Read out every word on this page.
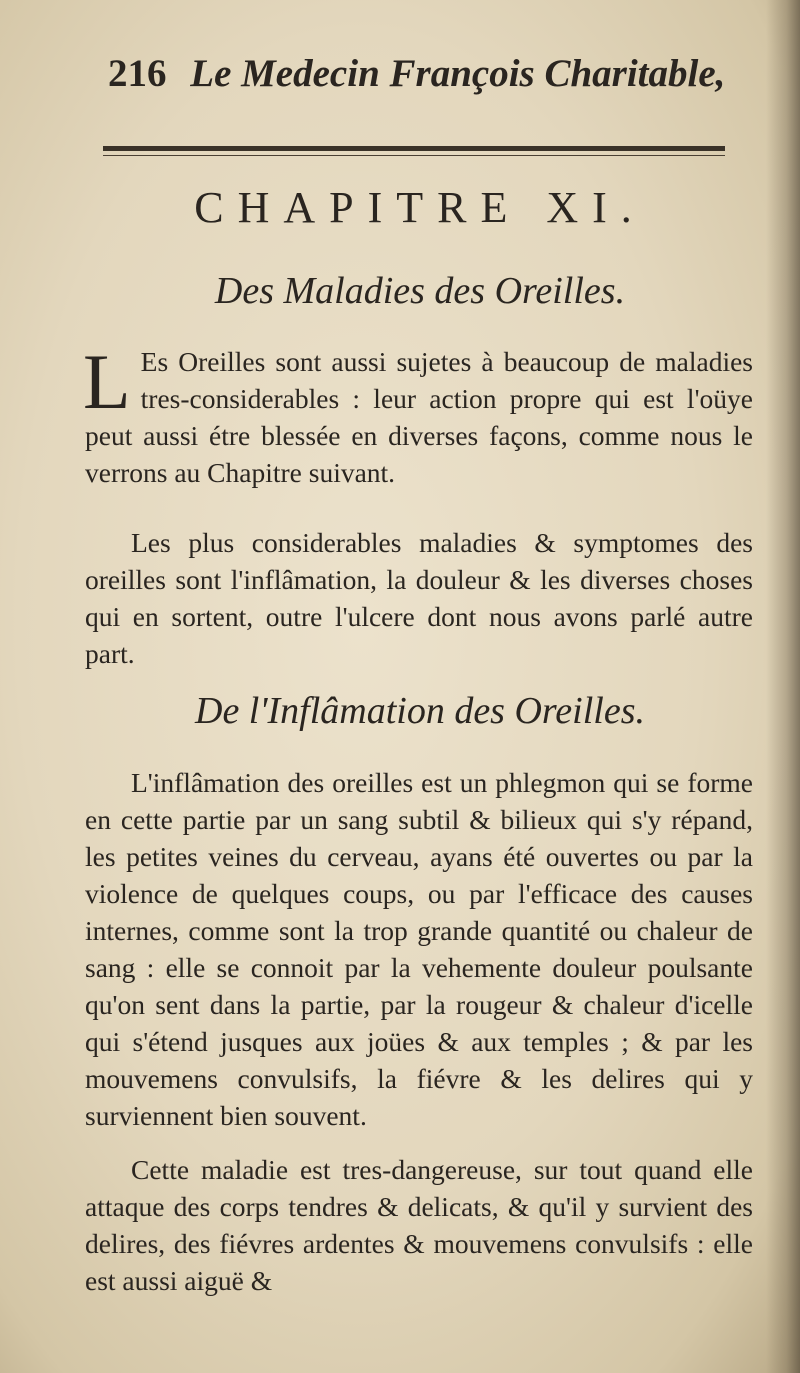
216 Le Medecin François Charitable,
CHAPITRE XI.
Des Maladies des Oreilles.
L Es Oreilles sont aussi sujetes à beaucoup de maladies tres-considerables : leur action propre qui est l'oüye peut aussi étre blessée en diverses façons, comme nous le verrons au Chapitre suivant.
Les plus considerables maladies & symptomes des oreilles sont l'inflâmation, la douleur & les diverses choses qui en sortent, outre l'ulcere dont nous avons parlé autre part.
De l'Inflâmation des Oreilles.
L'inflâmation des oreilles est un phlegmon qui se forme en cette partie par un sang subtil & bilieux qui s'y répand, les petites veines du cerveau, ayans été ouvertes ou par la violence de quelques coups, ou par l'efficace des causes internes, comme sont la trop grande quantité ou chaleur de sang : elle se connoit par la vehemente douleur poulsante qu'on sent dans la partie, par la rougeur & chaleur d'icelle qui s'étend jusques aux joües & aux temples ; & par les mouvemens convulsifs, la fiévre & les delires qui y surviennent bien souvent.
Cette maladie est tres-dangereuse, sur tout quand elle attaque des corps tendres & delicats, & qu'il y survient des delires, des fiévres ardentes & mouvemens convulsifs : elle est aussi aiguë &
